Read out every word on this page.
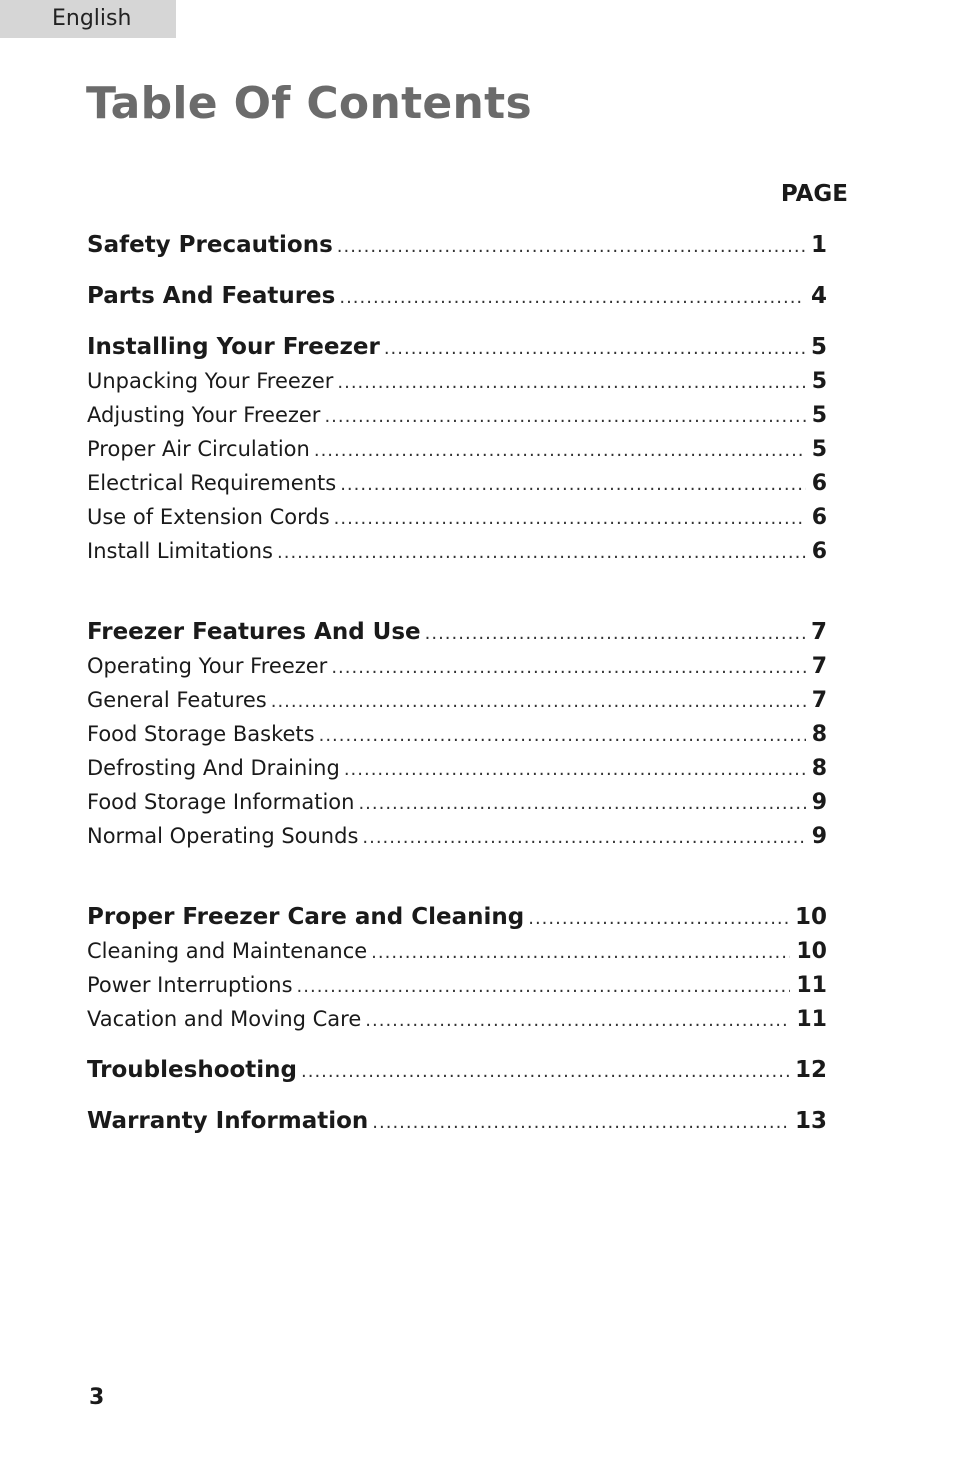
English
Table Of Contents
PAGE
Safety Precautions .....	1
Parts And Features .....	4
Installing Your Freezer .....	5
Unpacking Your Freezer .....	5
Adjusting Your Freezer .....	5
Proper Air Circulation .....	5
Electrical Requirements .....	6
Use of Extension Cords .....	6
Install Limitations .....	6
Freezer Features And Use .....	7
Operating Your Freezer .....	7
General Features .....	7
Food Storage Baskets .....	8
Defrosting And Draining .....	8
Food Storage Information .....	9
Normal Operating Sounds .....	9
Proper Freezer Care and Cleaning .....	10
Cleaning and Maintenance .....	10
Power Interruptions .....	11
Vacation and Moving Care .....	11
Troubleshooting .....	12
Warranty Information .....	13
3
